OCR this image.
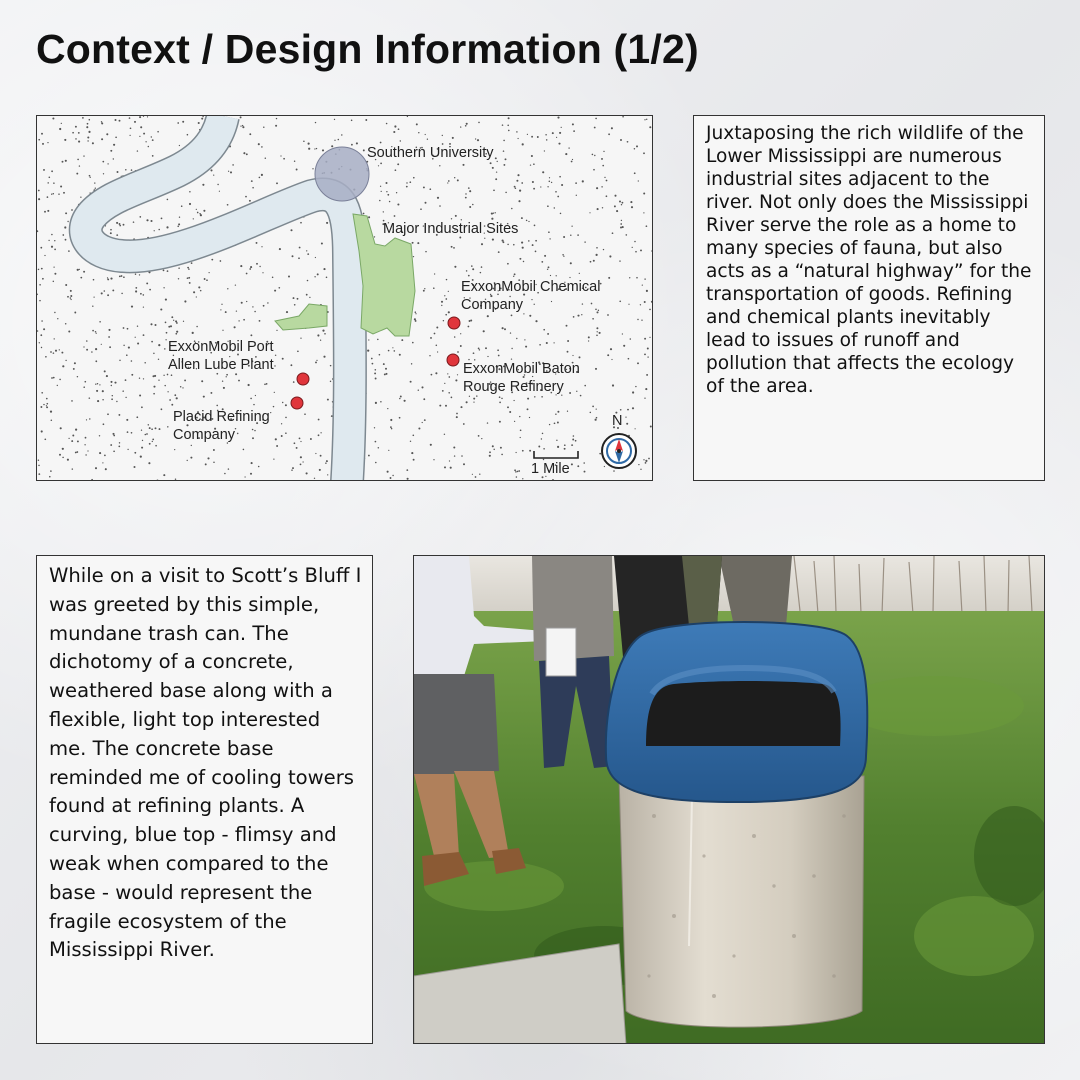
Context / Design Information (1/2)
Southern University
Major Industrial Sites
ExxonMobil Chemical
Company
ExxonMobil Port
Allen Lube Plant	ExxonMobil Baton
Rouge Refinery
Placid Refining
Company
1 Mile
N
Juxtaposing the rich wildlife of the Lower Mississippi are numerous industrial sites adjacent to the river. Not only does the Mississippi River serve the role as a home to many species of fauna, but also acts as a “natural highway” for the transportation of goods. Refining and chemical plants inevitably lead to issues of runoff and pollution that affects the ecology of the area.
While on a visit to Scott’s Bluff I was greeted by this simple, mundane trash can. The dichotomy of a concrete, weathered base along with a flexible, light top interested me. The concrete base reminded me of cooling towers found at refining plants. A curving, blue top - flimsy and weak when compared to the base - would represent the fragile ecosystem of the Mississippi River.
